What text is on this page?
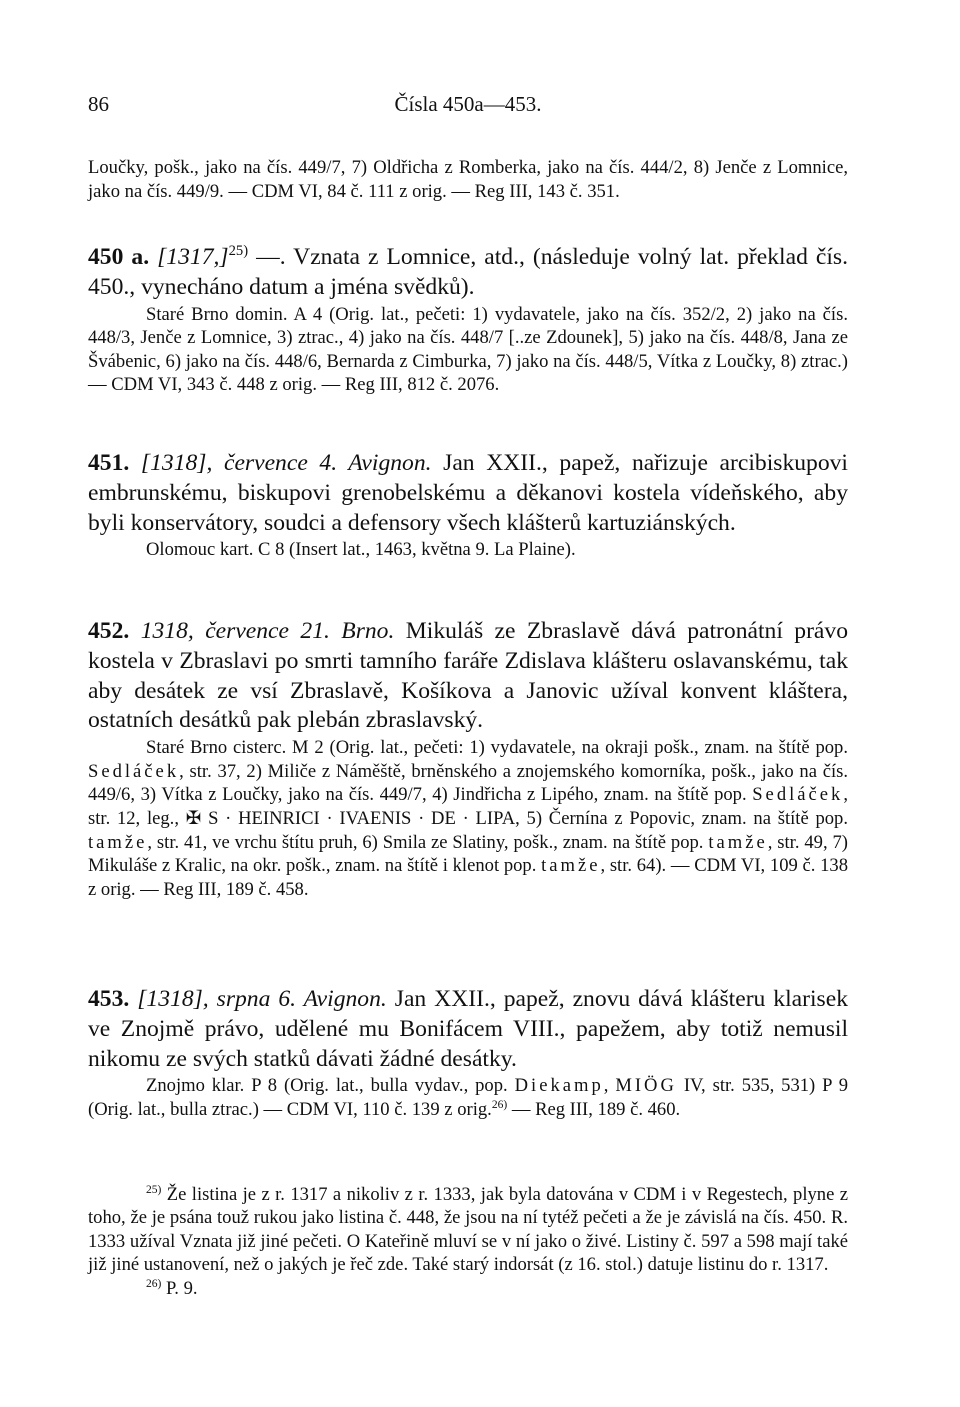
86	Čísla 450a—453.

Loučky, pošk., jako na čís. 449/7, 7) Oldřicha z Romberka, jako na čís. 444/2, 8) Jenče z Lomnice, jako na čís. 449/9. — CDM VI, 84 č. 111 z orig. — Reg III, 143 č. 351.

450 a. $[1317,]^{25)}$ —. Vznata z Lomnice, atd., (následuje volný lat. překlad čís. 450., vynecháno datum a jména svědků).

Staré Brno domin. A 4 (Orig. lat., pečeti: 1) vydavatele, jako na čís. 352/2, 2) jako na čís. 448/3, Jenče z Lomnice, 3) ztrac., 4) jako na čís. 448/7 [..ze Zdounek], 5) jako na čís. 448/8, Jana ze Švábenic, 6) jako na čís. 448/6, Bernarda z Cimburka, 7) jako na čís. 448/5, Vítka z Loučky, 8) ztrac.) — CDM VI, 343 č. 448 z orig. — Reg III, 812 č. 2076.

451. [1318], července 4. Avignon. Jan XXII., papež, nařizuje arcibiskupovi embrunskému, biskupovi grenobelskému a děkanovi kostela vídeňského, aby byli konservátory, soudci a defensory všech klášterů kartuziánských.

Olomouc kart. C 8 (Insert lat., 1463, května 9. La Plaine).

452. 1318, července 21. Brno. Mikuláš ze Zbraslavě dává patronátní právo kostela v Zbraslavi po smrti tamního faráře Zdislava klášteru oslavanskému, tak aby desátek ze vsí Zbraslavě, Košíkova a Janovic užíval konvent kláštera, ostatních desátků pak plebán zbraslavský.

Staré Brno cisterc. M 2 (Orig. lat., pečeti: 1) vydavatele, na okraji pošk., znam. na štítě pop. Sedláček, str. 37, 2) Miliče z Náměště, brněnského a znojemského komorníka, pošk., jako na čís. 449/6, 3) Vítka z Loučky, jako na čís. 449/7, 4) Jindřicha z Lipého, znam. na štítě pop. Sedláček, str. 12, leg., ✠ S · HEINRICI · IVAENIS · DE · LIPA, 5) Černína z Popovic, znam. na štítě pop. tamže, str. 41, ve vrchu štítu pruh, 6) Smila ze Slatiny, pošk., znam. na štítě pop. tamže, str. 49, 7) Mikuláše z Kralic, na okr. pošk., znam. na štítě i klenot pop. tamže, str. 64). — CDM VI, 109 č. 138 z orig. — Reg III, 189 č. 458.

453. [1318], srpna 6. Avignon. Jan XXII., papež, znovu dává klášteru klarisek ve Znojmě právo, udělené mu Bonifácem VIII., papežem, aby totiž nemusil nikomu ze svých statků dávati žádné desátky.

Znojmo klar. P 8 (Orig. lat., bulla vydav., pop. Diekamp, MIÖG IV, str. 535, 531) P 9 (Orig. lat., bulla ztrac.) — CDM VI, 110 č. 139 z orig.$^{26)}$ — Reg III, 189 č. 460.

$^{25)}$ Že listina je z r. 1317 a nikoliv z r. 1333, jak byla datována v CDM i v Regestech, plyne z toho, že je psána touž rukou jako listina č. 448, že jsou na ní tytéž pečeti a že je závislá na čís. 450. R. 1333 užíval Vznata již jiné pečeti. O Kateřině mluví se v ní jako o živé. Listiny č. 597 a 598 mají také již jiné ustanovení, než o jakých je řeč zde. Také starý indorsát (z 16. stol.) datuje listinu do r. 1317.

$^{26)}$ P. 9.
